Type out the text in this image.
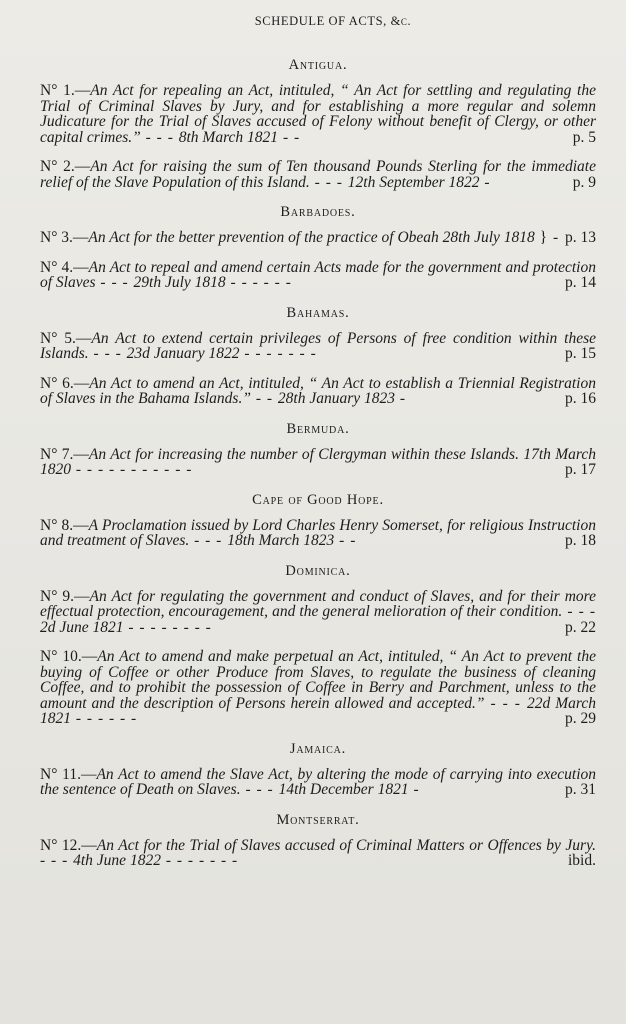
SCHEDULE OF ACTS, &c.
Antigua.

N° 1.—An Act for repealing an Act, intituled, “ An Act for settling and regulating the Trial of Criminal Slaves by Jury, and for establishing a more regular and solemn Judicature for the Trial of Slaves accused of Felony without benefit of Clergy, or other capital crimes.” - - - 8th March 1821 - -	p. 5

N° 2.—An Act for raising the sum of Ten thousand Pounds Sterling for the immediate relief of the Slave Population of this Island. - - - 12th September 1822 -	p. 9

Barbadoes.

N° 3.—An Act for the better prevention of the practice of Obeah 28th July 1818 } - p. 13

N° 4.—An Act to repeal and amend certain Acts made for the government and protection of Slaves - - - 29th July 1818 - - - - - -	p. 14

Bahamas.

N° 5.—An Act to extend certain privileges of Persons of free condition within these Islands. - - - 23d January 1822 - - - - - - -	p. 15

N° 6.—An Act to amend an Act, intituled, “ An Act to establish a Triennial Registration of Slaves in the Bahama Islands.” - - 28th January 1823 -	p. 16

Bermuda.

N° 7.—An Act for increasing the number of Clergyman within these Islands. 17th March 1820 - - - - - - - - - - -	p. 17

Cape of Good Hope.

N° 8.—A Proclamation issued by Lord Charles Henry Somerset, for religious Instruction and treatment of Slaves. - - - 18th March 1823 - -	p. 18

Dominica.

N° 9.—An Act for regulating the government and conduct of Slaves, and for their more effectual protection, encouragement, and the general melioration of their condition. - - - 2d June 1821 - - - - - - - -	p. 22

N° 10.—An Act to amend and make perpetual an Act, intituled, “ An Act to prevent the buying of Coffee or other Produce from Slaves, to regulate the business of cleaning Coffee, and to prohibit the possession of Coffee in Berry and Parchment, unless to the amount and the description of Persons herein allowed and accepted.” - - - 22d March 1821 - - - - - -	p. 29

Jamaica.

N° 11.—An Act to amend the Slave Act, by altering the mode of carrying into execution the sentence of Death on Slaves. - - - 14th December 1821 -	p. 31

Montserrat.

N° 12.—An Act for the Trial of Slaves accused of Criminal Matters or Offences by Jury. - - - 4th June 1822 - - - - - - -	ibid.
